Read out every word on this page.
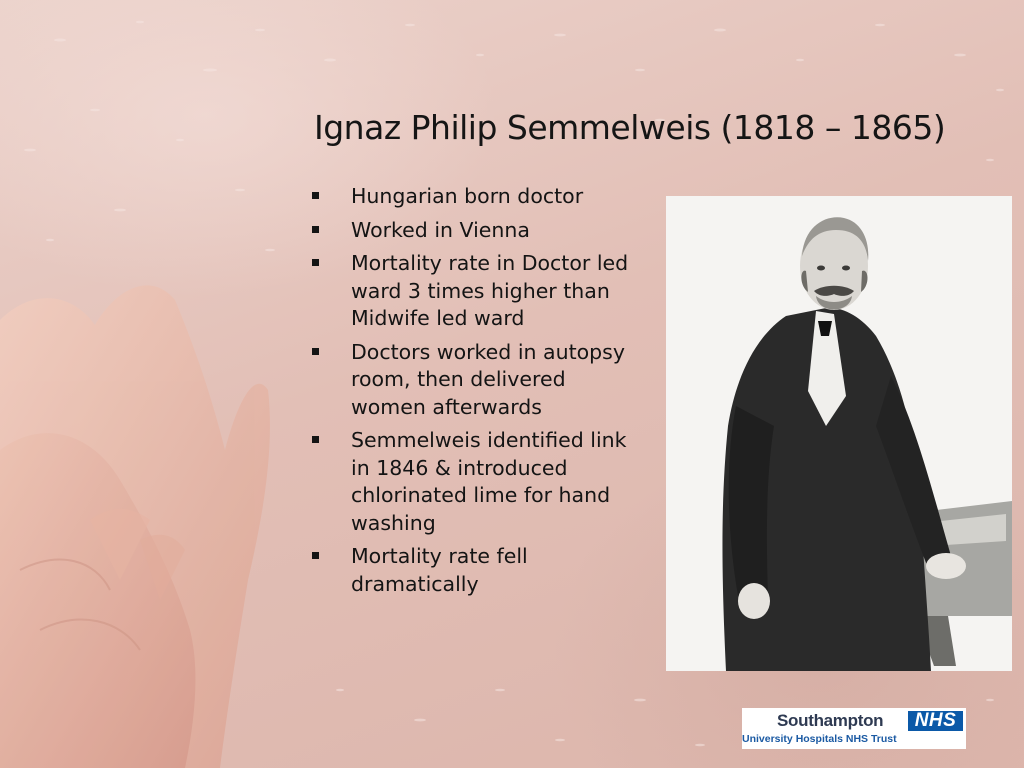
Ignaz Philip Semmelweis (1818 – 1865)
Hungarian born doctor
Worked in Vienna
Mortality rate in Doctor led ward 3 times higher than Midwife led ward
Doctors worked in autopsy room, then delivered women afterwards
Semmelweis identified link in 1846 & introduced chlorinated lime for hand washing
Mortality rate fell dramatically
Southampton	NHS
University Hospitals NHS Trust
